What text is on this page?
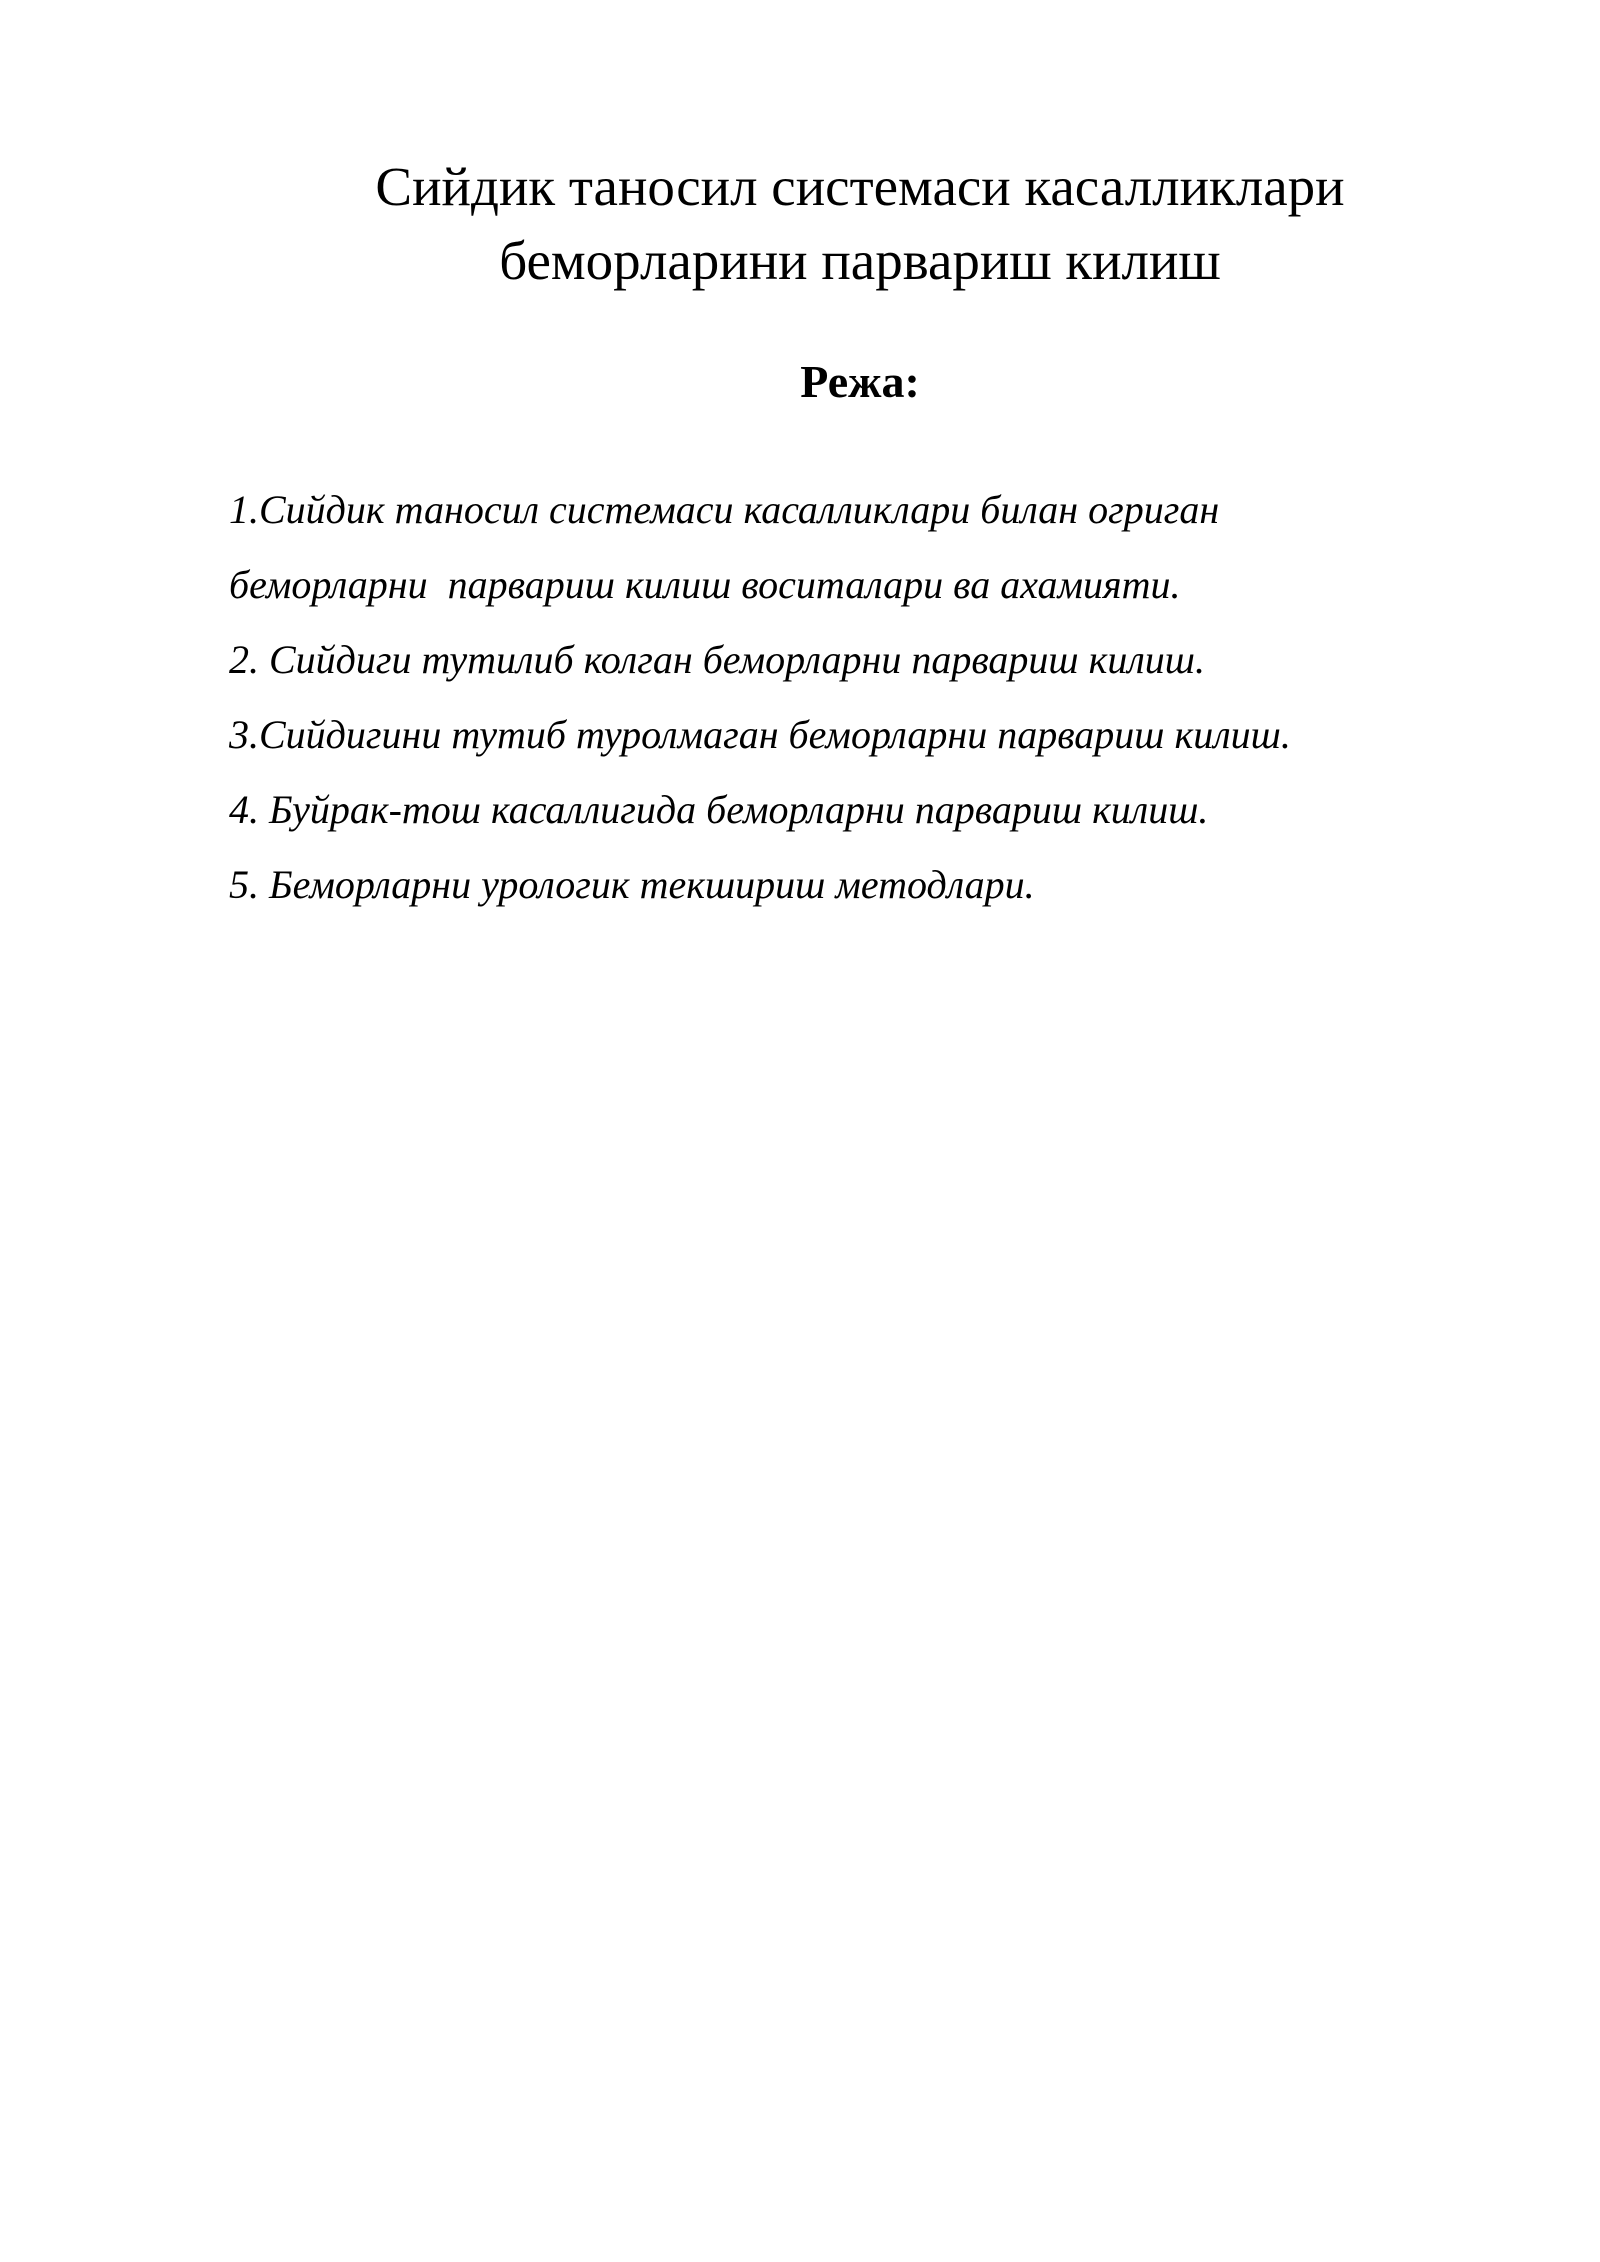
Сийдик таносил системаси касалликлари
беморларини парвариш килиш
Режа:
1.Сийдик таносил системаси касалликлари билан огриган
беморларни  парвариш килиш воситалари ва ахамияти.
2. Сийдиги тутилиб колган беморларни парвариш килиш.
3.Сийдигини тутиб туролмаган беморларни парвариш килиш.
4. Буйрак-тош касаллигида беморларни парвариш килиш.
5. Беморларни урологик текшириш методлари.
